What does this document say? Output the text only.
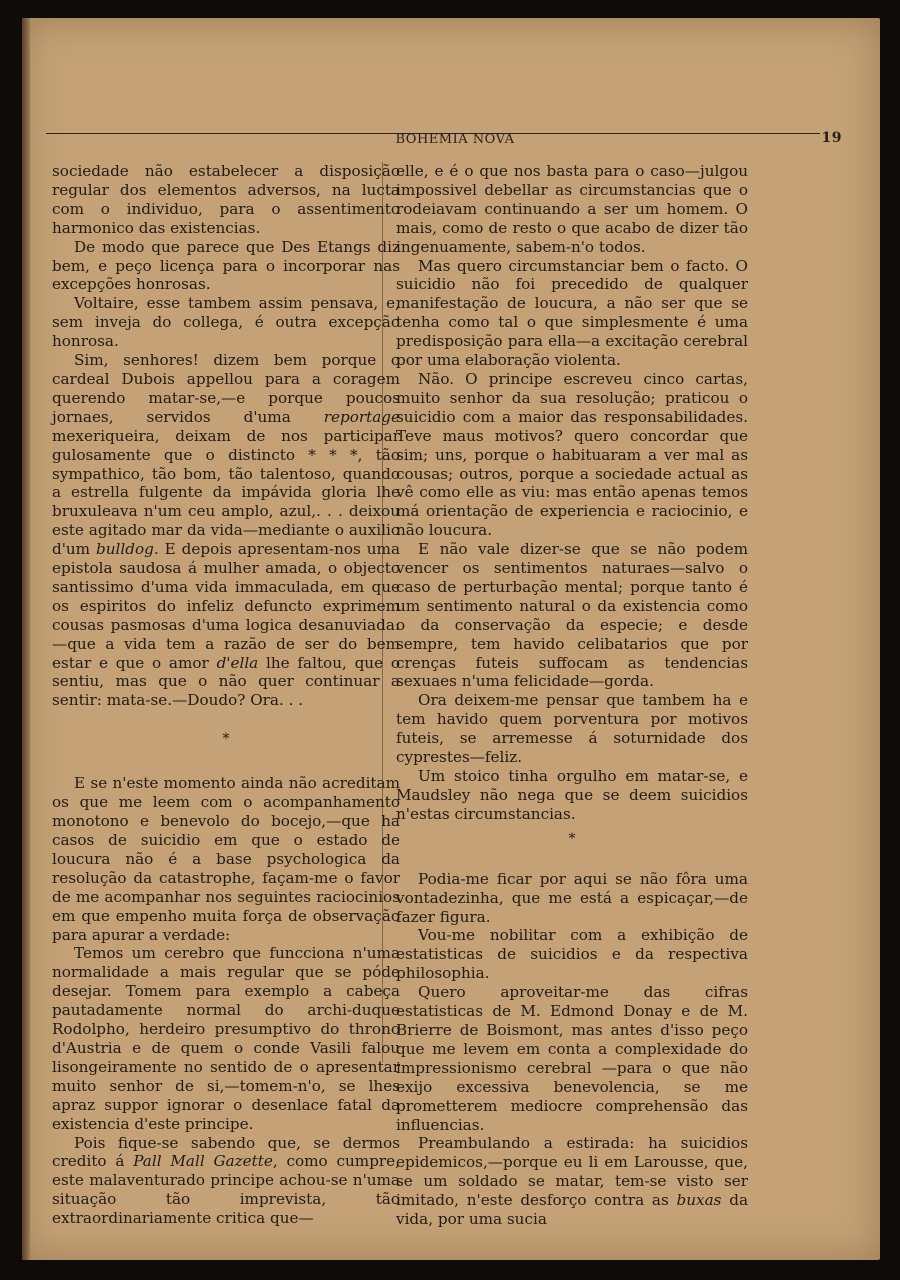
BOHEMIA NOVA	19

sociedade não estabelecer a disposição regular dos elementos adversos, na lucta com o individuo, para o assentimento harmonico das existencias.

De modo que parece que Des Etangs diz bem, e peço licença para o incorporar nas excepções honrosas.

Voltaire, esse tambem assim pensava, e, sem inveja do collega, é outra excepção honrosa.

Sim, senhores! dizem bem porque o cardeal Dubois appellou para a coragem querendo matar-se,—e porque poucos jornaes, servidos d'uma reportage mexeriqueira, deixam de nos participar gulosamente que o distincto * * *, tão sympathico, tão bom, tão talentoso, quando a estrella fulgente da impávida gloria lhe bruxuleava n'um ceu amplo, azul,. . . deixou este agitado mar da vida—mediante o auxilio d'um bulldog. E depois apresentam-nos uma epistola saudosa á mulher amada, o objecto santissimo d'uma vida immaculada, em que os espiritos do infeliz defuncto exprimem cousas pasmosas d'uma logica desanuviada:—que a vida tem a razão de ser do bem estar e que o amor d'ella lhe faltou, que o sentiu, mas que o não quer continuar a sentir: mata-se.—Doudo? Ora. . .

*

E se n'este momento ainda não acreditam os que me leem com o acompanhamento monotono e benevolo do bocejo,—que ha casos de suicidio em que o estado de loucura não é a base psychologica da resolução da catastrophe, façam-me o favor de me acompanhar nos seguintes raciocinios em que empenho muita força de observação para apurar a verdade:

Temos um cerebro que funcciona n'uma normalidade a mais regular que se póde desejar. Tomem para exemplo a cabeça pautadamente normal do archi-duque Rodolpho, herdeiro presumptivo do throno d'Austria e de quem o conde Vasili falou lisongeiramente no sentido de o apresentar muito senhor de si,—tomem-n'o, se lhes apraz suppor ignorar o desenlace fatal da existencia d'este principe.

Pois fique-se sabendo que, se dermos credito á Pall Mall Gazette, como cumpre, este malaventurado principe achou-se n'uma situação tão imprevista, tão extraordinariamente critica que—

elle, e é o que nos basta para o caso—julgou impossivel debellar as circumstancias que o rodeiavam continuando a ser um homem. O mais, como de resto o que acabo de dizer tão ingenuamente, sabem-n'o todos.

Mas quero circumstanciar bem o facto. O suicidio não foi precedido de qualquer manifestação de loucura, a não ser que se tenha como tal o que simplesmente é uma predisposição para ella—a excitação cerebral por uma elaboração violenta.

Não. O principe escreveu cinco cartas, muito senhor da sua resolução; praticou o suicidio com a maior das responsabilidades. Teve maus motivos? quero concordar que sim; uns, porque o habituaram a ver mal as cousas; outros, porque a sociedade actual as vê como elle as viu: mas então apenas temos má orientação de experiencia e raciocinio, e não loucura.

E não vale dizer-se que se não podem vencer os sentimentos naturaes—salvo o caso de perturbação mental; porque tanto é um sentimento natural o da existencia como o da conservação da especie; e desde sempre, tem havido celibatarios que por crenças futeis suffocam as tendencias sexuaes n'uma felicidade—gorda.

Ora deixem-me pensar que tambem ha e tem havido quem porventura por motivos futeis, se arremesse á soturnidade dos cyprestes—feliz.

Um stoico tinha orgulho em matar-se, e Maudsley não nega que se deem suicidios n'estas circumstancias.

*

Podia-me ficar por aqui se não fôra uma vontadezinha, que me está a espicaçar,—de fazer figura.

Vou-me nobilitar com a exhibição de estatisticas de suicidios e da respectiva philosophia.

Quero aproveitar-me das cifras estatisticas de M. Edmond Donay e de M. Brierre de Boismont, mas antes d'isso peço que me levem em conta a complexidade do impressionismo cerebral —para o que não exijo excessiva benevolencia, se me prometterem mediocre comprehensão das influencias.

Preambulando a estirada: ha suicidios epidemicos,—porque eu li em Larousse, que, se um soldado se matar, tem-se visto ser imitado, n'este desforço contra as buxas da vida, por uma sucia
